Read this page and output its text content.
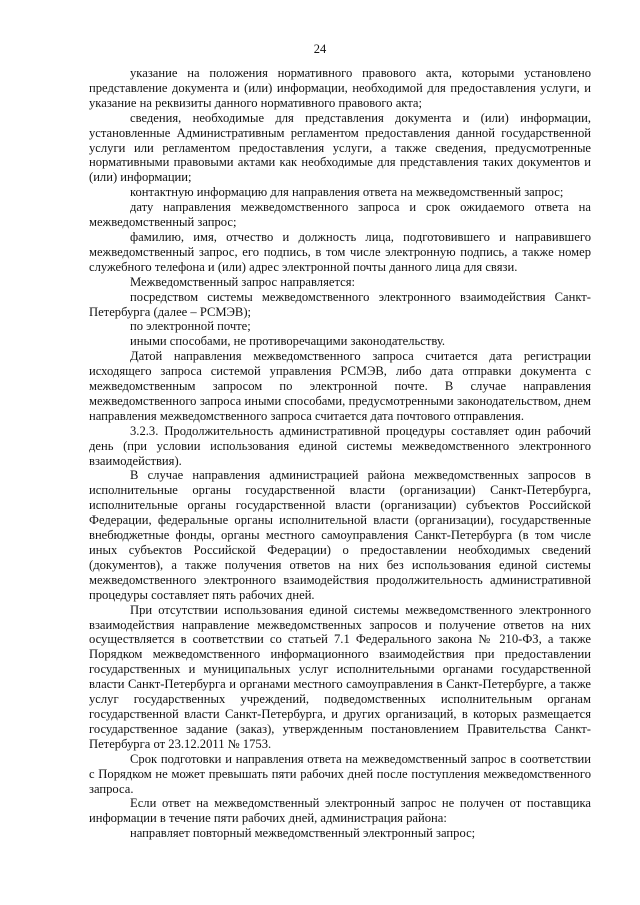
24

указание на положения нормативного правового акта, которыми установлено представление документа и (или) информации, необходимой для предоставления услуги, и указание на реквизиты данного нормативного правового акта;

сведения, необходимые для представления документа и (или) информации, установленные Административным регламентом предоставления данной государственной услуги или регламентом предоставления услуги, а также сведения, предусмотренные нормативными правовыми актами как необходимые для представления таких документов и (или) информации;

контактную информацию для направления ответа на межведомственный запрос;

дату направления межведомственного запроса и срок ожидаемого ответа на межведомственный запрос;

фамилию, имя, отчество и должность лица, подготовившего и направившего межведомственный запрос, его подпись, в том числе электронную подпись, а также номер служебного телефона и (или) адрес электронной почты данного лица для связи.

Межведомственный запрос направляется:

посредством системы межведомственного электронного взаимодействия Санкт-Петербурга (далее – РСМЭВ);

по электронной почте;

иными способами, не противоречащими законодательству.

Датой направления межведомственного запроса считается дата регистрации исходящего запроса системой управления РСМЭВ, либо дата отправки документа с межведомственным запросом по электронной почте. В случае направления межведомственного запроса иными способами, предусмотренными законодательством, днем направления межведомственного запроса считается дата почтового отправления.

3.2.3. Продолжительность административной процедуры составляет один рабочий день (при условии использования единой системы межведомственного электронного взаимодействия).

В случае направления администрацией района межведомственных запросов в исполнительные органы государственной власти (организации) Санкт-Петербурга, исполнительные органы государственной власти (организации) субъектов Российской Федерации, федеральные органы исполнительной власти (организации), государственные внебюджетные фонды, органы местного самоуправления Санкт-Петербурга (в том числе иных субъектов Российской Федерации) о предоставлении необходимых сведений (документов), а также получения ответов на них без использования единой системы межведомственного электронного взаимодействия продолжительность административной процедуры составляет пять рабочих дней.

При отсутствии использования единой системы межведомственного электронного взаимодействия направление межведомственных запросов и получение ответов на них осуществляется в соответствии со статьей 7.1 Федерального закона № 210-ФЗ, а также Порядком межведомственного информационного взаимодействия при предоставлении государственных и муниципальных услуг исполнительными органами государственной власти Санкт-Петербурга и органами местного самоуправления в Санкт-Петербурге, а также услуг государственных учреждений, подведомственных исполнительным органам государственной власти Санкт-Петербурга, и других организаций, в которых размещается государственное задание (заказ), утвержденным постановлением Правительства Санкт-Петербурга от 23.12.2011 № 1753.

Срок подготовки и направления ответа на межведомственный запрос в соответствии с Порядком не может превышать пяти рабочих дней после поступления межведомственного запроса.

Если ответ на межведомственный электронный запрос не получен от поставщика информации в течение пяти рабочих дней, администрация района:

направляет повторный межведомственный электронный запрос;
